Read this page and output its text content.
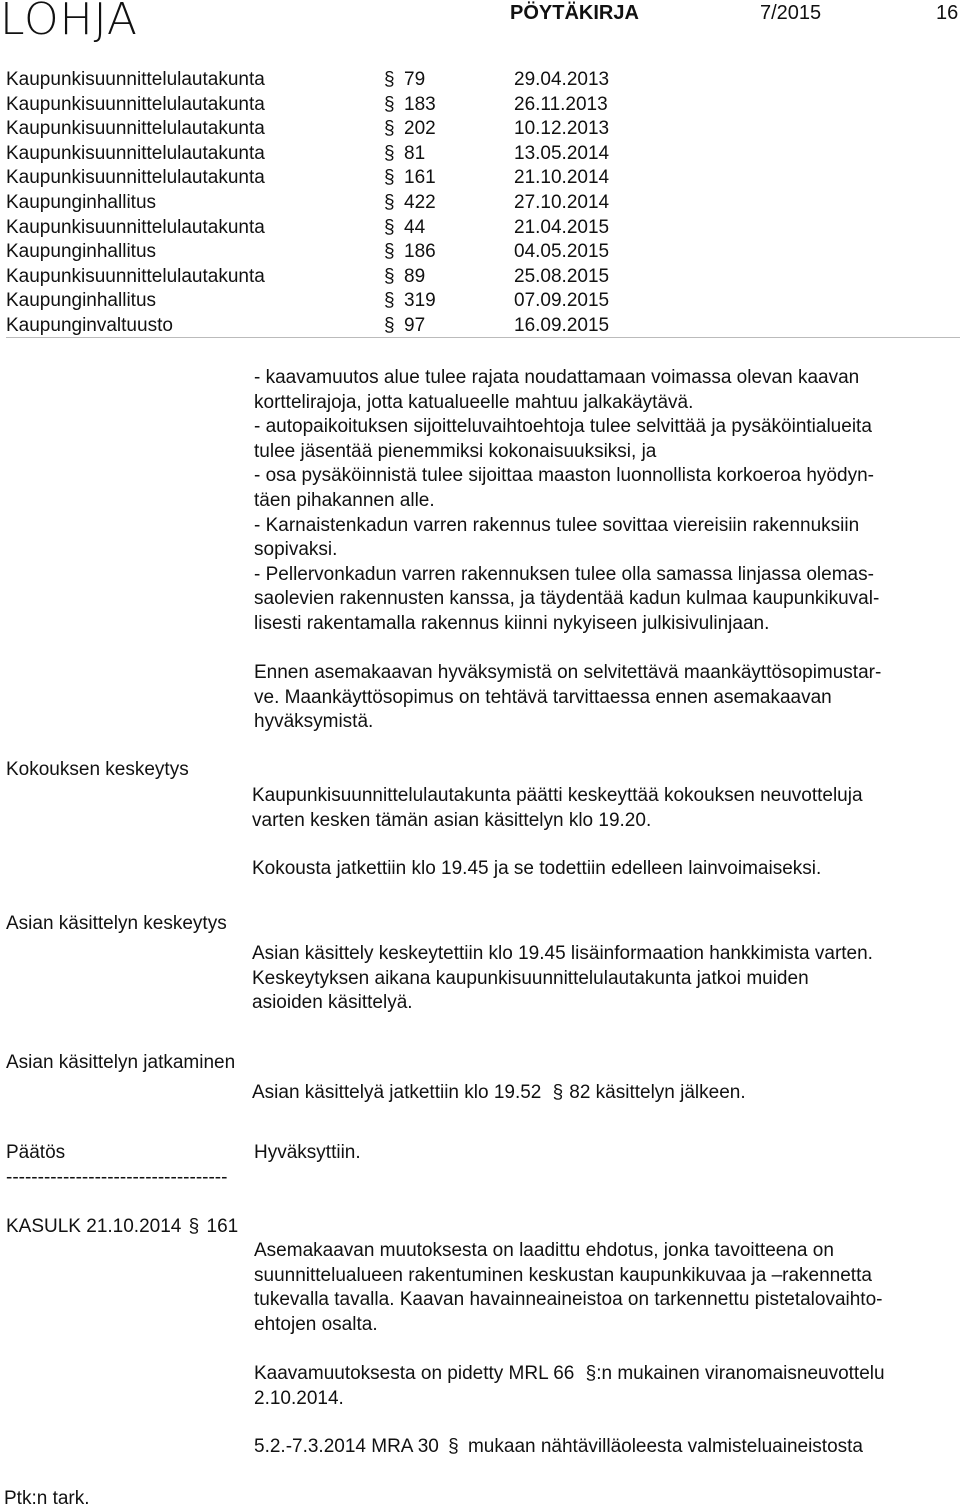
LOHJA	PÖYTÄKIRJA	7/2015	16
Kaupunkisuunnittelulautakunta	§ 79	29.04.2013
Kaupunkisuunnittelulautakunta	§ 183	26.11.2013
Kaupunkisuunnittelulautakunta	§ 202	10.12.2013
Kaupunkisuunnittelulautakunta	§ 81	13.05.2014
Kaupunkisuunnittelulautakunta	§ 161	21.10.2014
Kaupunginhallitus	§ 422	27.10.2014
Kaupunkisuunnittelulautakunta	§ 44	21.04.2015
Kaupunginhallitus	§ 186	04.05.2015
Kaupunkisuunnittelulautakunta	§ 89	25.08.2015
Kaupunginhallitus	§ 319	07.09.2015
Kaupunginvaltuusto	§ 97	16.09.2015
- kaavamuutos alue tulee rajata noudattamaan voimassa olevan kaavan
korttelirajoja, jotta katualueelle mahtuu jalkakäytävä.
- autopaikoituksen sijoitteluvaihtoehtoja tulee selvittää ja pysäköintialueita
tulee jäsentää pienemmiksi kokonaisuuksiksi, ja
- osa pysäköinnistä tulee sijoittaa maaston luonnollista korkoeroa hyödyn-
täen pihakannen alle.
- Karnaistenkadun varren rakennus tulee sovittaa viereisiin rakennuksiin
sopivaksi.
- Pellervonkadun varren rakennuksen tulee olla samassa linjassa olemas-
saolevien rakennusten kanssa, ja täydentää kadun kulmaa kaupunkikuval-
lisesti rakentamalla rakennus kiinni nykyiseen julkisivulinjaan.
Ennen asemakaavan hyväksymistä on selvitettävä maankäyttösopimustar-
ve. Maankäyttösopimus on tehtävä tarvittaessa ennen asemakaavan
hyväksymistä.
Kokouksen keskeytys
Kaupunkisuunnittelulautakunta päätti keskeyttää kokouksen neuvotteluja
varten kesken tämän asian käsittelyn klo 19.20.
Kokousta jatkettiin klo 19.45 ja se todettiin edelleen lainvoimaiseksi.
Asian käsittelyn keskeytys
Asian käsittely keskeytettiin klo 19.45 lisäinformaation hankkimista varten.
Keskeytyksen aikana kaupunkisuunnittelulautakunta jatkoi muiden
asioiden käsittelyä.
Asian käsittelyn jatkaminen
Asian käsittelyä jatkettiin klo 19.52 § 82 käsittelyn jälkeen.
Päätös	Hyväksyttiin.
-----------------------------------
KASULK 21.10.2014 § 161
Asemakaavan muutoksesta on laadittu ehdotus, jonka tavoitteena on
suunnittelualueen rakentuminen keskustan kaupunkikuvaa ja –rakennetta
tukevalla tavalla. Kaavan havainneaineistoa on tarkennettu pistetalovaihto-
ehtojen osalta.
Kaavamuutoksesta on pidetty MRL 66 §:n mukainen viranomaisneuvottelu
2.10.2014.
5.2.-7.3.2014 MRA 30 § mukaan nähtävilläoleesta valmisteluaineistosta
Ptk:n tark.
